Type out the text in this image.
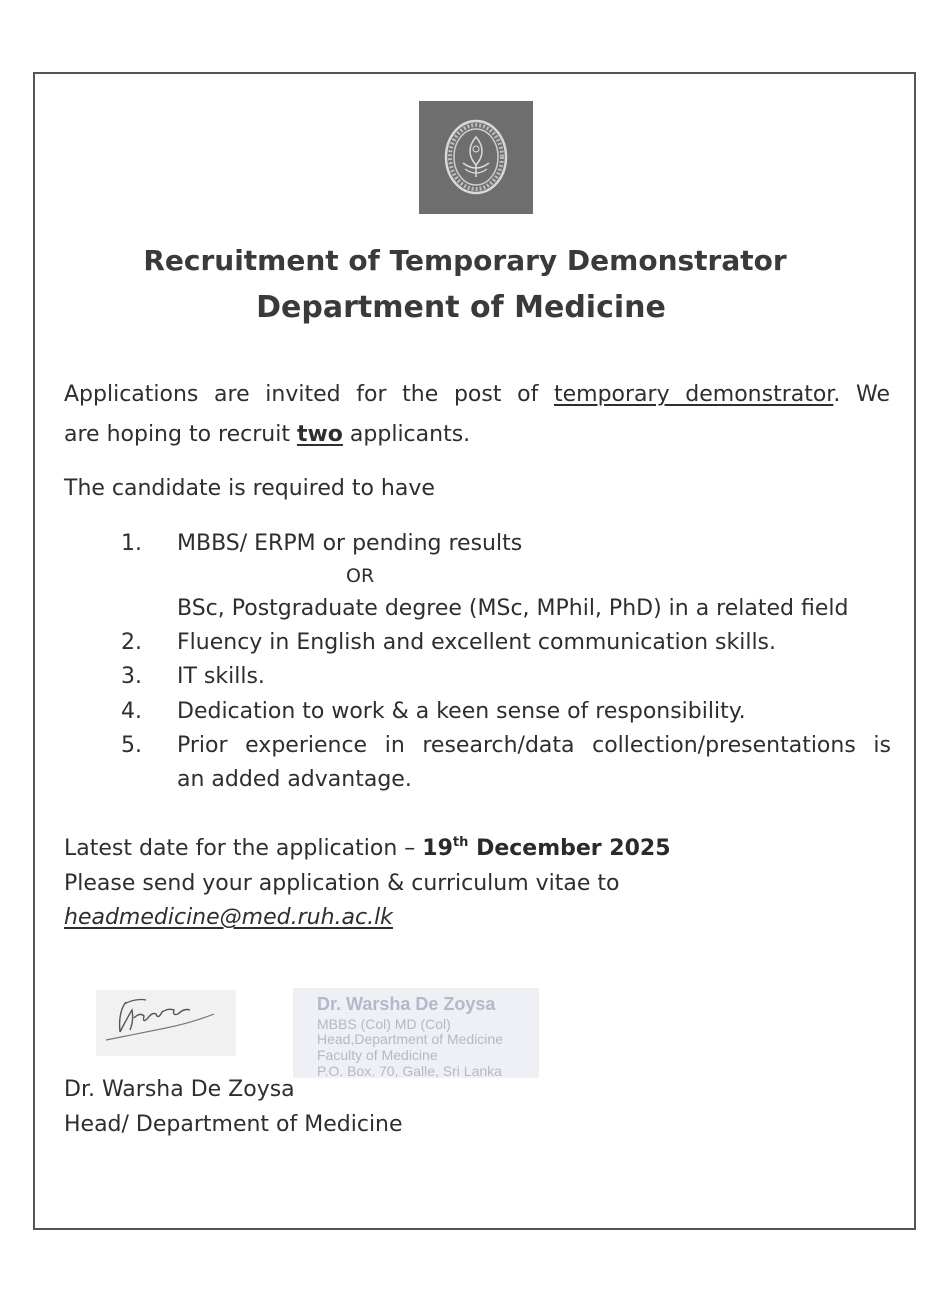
Recruitment of Temporary Demonstrator
Department of Medicine
Applications are invited for the post of temporary demonstrator. We
are hoping to recruit two applicants.
The candidate is required to have
1. MBBS/ ERPM or pending results
OR
BSc, Postgraduate degree (MSc, MPhil, PhD) in a related field
2. Fluency in English and excellent communication skills.
3. IT skills.
4. Dedication to work & a keen sense of responsibility.
5. Prior experience in research/data collection/presentations is
an added advantage.
Latest date for the application – 19th December 2025
Please send your application & curriculum vitae to
headmedicine@med.ruh.ac.lk
Dr. Warsha De Zoysa
MBBS (Col) MD (Col)
Head,Department of Medicine
Faculty of Medicine
P.O. Box. 70, Galle, Sri Lanka
Dr. Warsha De Zoysa
Head/ Department of Medicine
